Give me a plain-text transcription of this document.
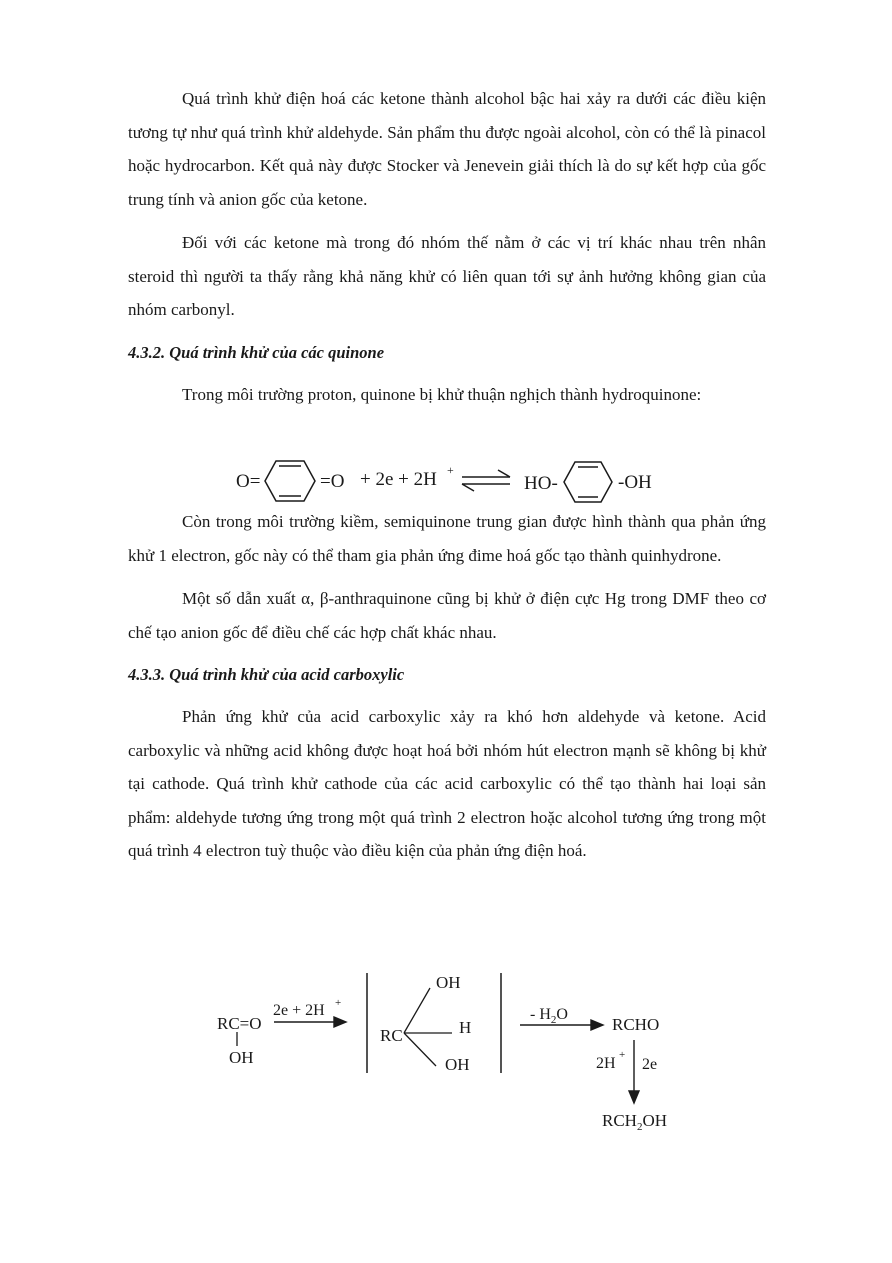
Quá trình khử điện hoá các ketone thành alcohol bậc hai xảy ra dưới các điều kiện tương tự như quá trình khử aldehyde. Sản phẩm thu được ngoài alcohol, còn có thể là pinacol hoặc hydrocarbon. Kết quả này được Stocker và Jenevein giải thích là do sự kết hợp của gốc trung tính và anion gốc của ketone.

Đối với các ketone mà trong đó nhóm thế nằm ở các vị trí khác nhau trên nhân steroid thì người ta thấy rằng khả năng khử có liên quan tới sự ảnh hưởng không gian của nhóm carbonyl.

4.3.2. Quá trình khử của các quinone

Trong môi trường proton, quinone bị khử thuận nghịch thành hydroquinone:

Còn trong môi trường kiềm, semiquinone trung gian được hình thành qua phản ứng khử 1 electron, gốc này có thể tham gia phản ứng đime hoá gốc tạo thành quinhydrone.

Một số dẫn xuất α, β-anthraquinone cũng bị khử ở điện cực Hg trong DMF theo cơ chế tạo anion gốc để điều chế các hợp chất khác nhau.

4.3.3. Quá trình khử của acid carboxylic

Phản ứng khử của acid carboxylic xảy ra khó hơn aldehyde và ketone. Acid carboxylic và những acid không được hoạt hoá bởi nhóm hút electron mạnh sẽ không bị khử tại cathode. Quá trình khử cathode của các acid carboxylic có thể tạo thành hai loại sản phẩm: aldehyde tương ứng trong một quá trình 2 electron hoặc alcohol tương ứng trong một quá trình 4 electron tuỳ thuộc vào điều kiện của phản ứng điện hoá.

O=	=O + 2e + 2H +
HO-	-OH
RC=O
OH
2e + 2H +
RC
OH
H
OH
- $H_2O$
RCHO
2H +
2e
$RCH_2OH$
